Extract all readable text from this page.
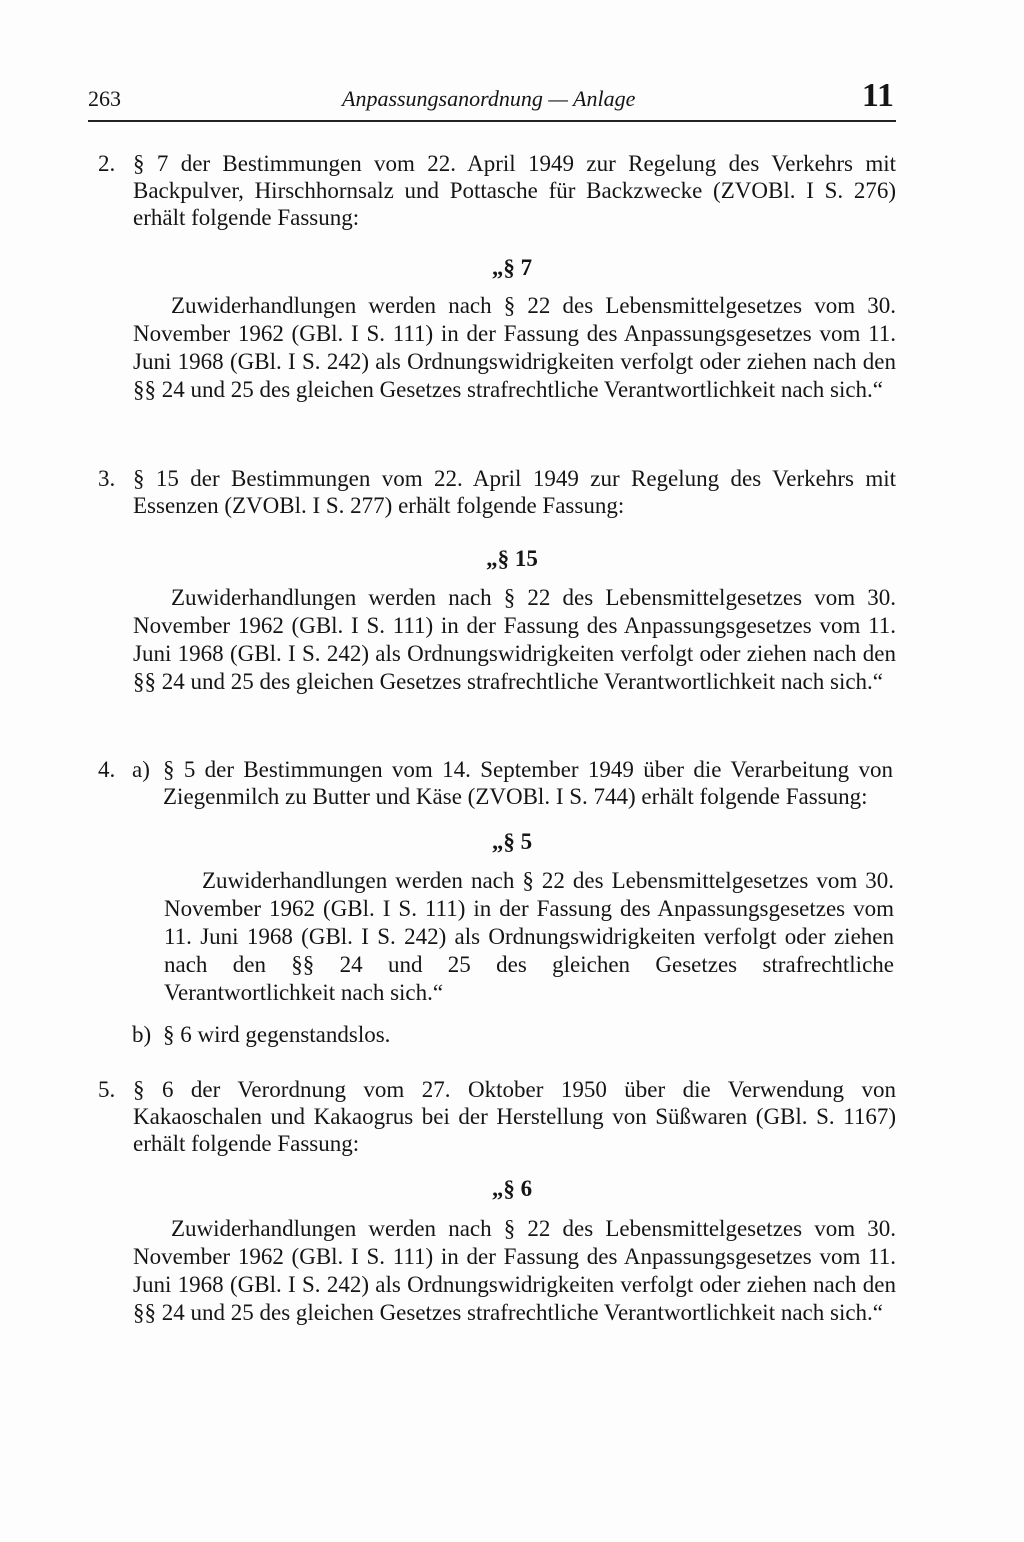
263	Anpassungsanordnung — Anlage	11
2. § 7 der Bestimmungen vom 22. April 1949 zur Regelung des Verkehrs mit Backpulver, Hirschhornsalz und Pottasche für Backzwecke (ZVOBl. I S. 276) erhält folgende Fassung:
„§ 7

Zuwiderhandlungen werden nach § 22 des Lebensmittelgesetzes vom 30. November 1962 (GBl. I S. 111) in der Fassung des Anpassungsgesetzes vom 11. Juni 1968 (GBl. I S. 242) als Ordnungswidrigkeiten verfolgt oder ziehen nach den §§ 24 und 25 des gleichen Gesetzes strafrechtliche Verantwortlichkeit nach sich.“

3. § 15 der Bestimmungen vom 22. April 1949 zur Regelung des Verkehrs mit Essenzen (ZVOBl. I S. 277) erhält folgende Fassung:
„§ 15

Zuwiderhandlungen werden nach § 22 des Lebensmittelgesetzes vom 30. November 1962 (GBl. I S. 111) in der Fassung des Anpassungsgesetzes vom 11. Juni 1968 (GBl. I S. 242) als Ordnungswidrigkeiten verfolgt oder ziehen nach den §§ 24 und 25 des gleichen Gesetzes strafrechtliche Verantwortlichkeit nach sich.“

4. a) § 5 der Bestimmungen vom 14. September 1949 über die Verarbeitung von Ziegenmilch zu Butter und Käse (ZVOBl. I S. 744) erhält folgende Fassung:
„§ 5

Zuwiderhandlungen werden nach § 22 des Lebensmittelgesetzes vom 30. November 1962 (GBl. I S. 111) in der Fassung des Anpassungsgesetzes vom 11. Juni 1968 (GBl. I S. 242) als Ordnungswidrigkeiten verfolgt oder ziehen nach den §§ 24 und 25 des gleichen Gesetzes strafrechtliche Verantwortlichkeit nach sich.“

b) § 6 wird gegenstandslos.
5. § 6 der Verordnung vom 27. Oktober 1950 über die Verwendung von Kakaoschalen und Kakaogrus bei der Herstellung von Süßwaren (GBl. S. 1167) erhält folgende Fassung:
„§ 6

Zuwiderhandlungen werden nach § 22 des Lebensmittelgesetzes vom 30. November 1962 (GBl. I S. 111) in der Fassung des Anpassungsgesetzes vom 11. Juni 1968 (GBl. I S. 242) als Ordnungswidrigkeiten verfolgt oder ziehen nach den §§ 24 und 25 des gleichen Gesetzes strafrechtliche Verantwortlichkeit nach sich.“
